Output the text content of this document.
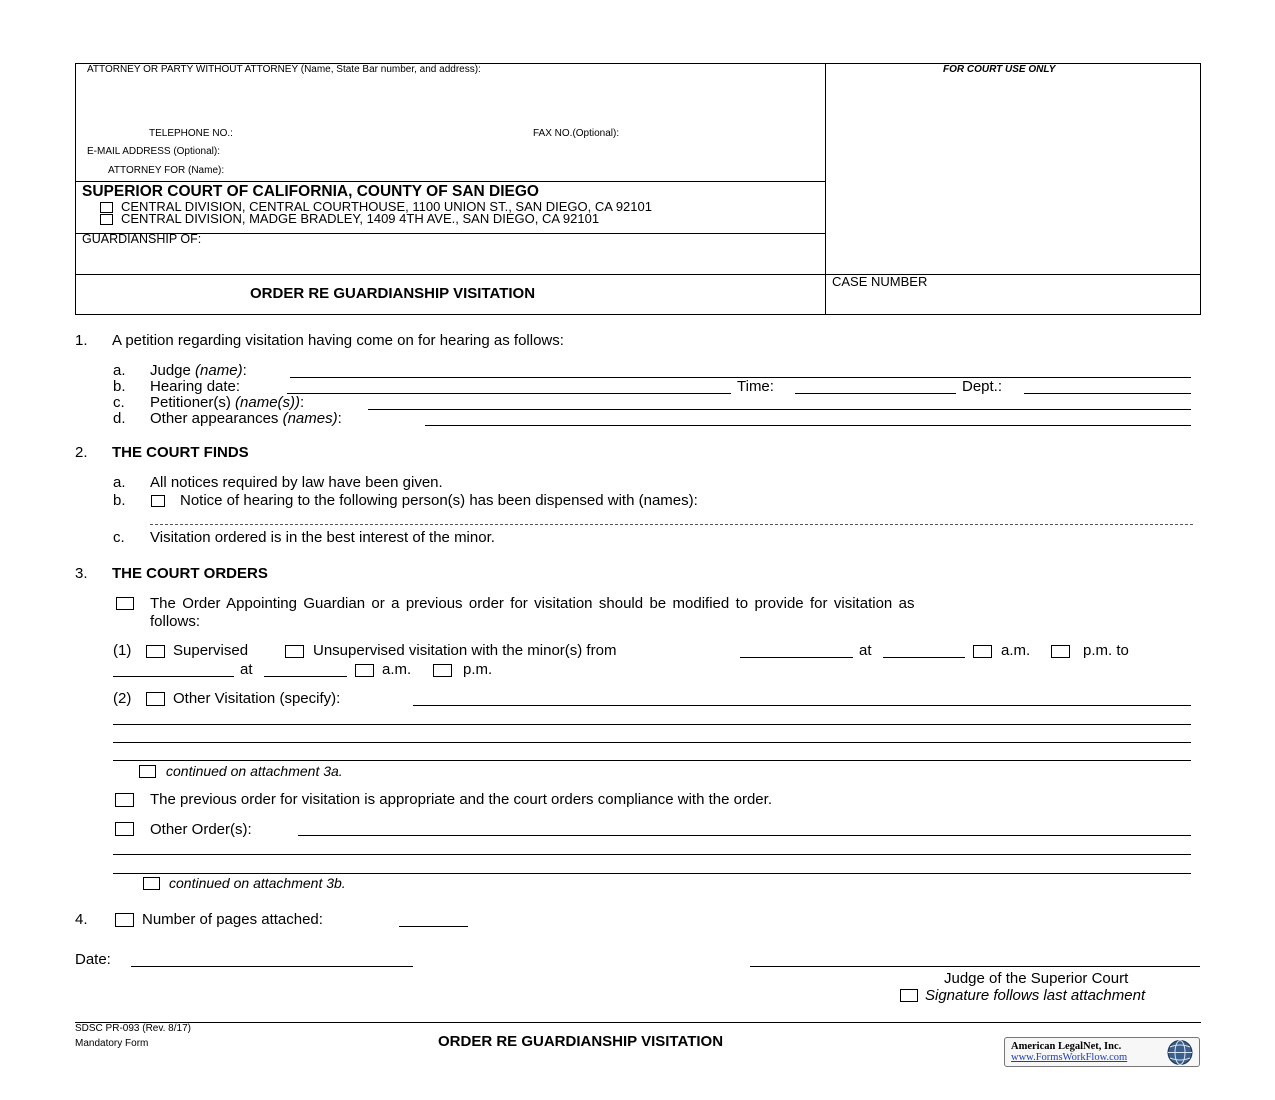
ATTORNEY OR PARTY WITHOUT ATTORNEY (Name, State Bar number, and address):	FOR COURT USE ONLY
TELEPHONE NO.:	FAX NO.(Optional):
E-MAIL ADDRESS (Optional):
ATTORNEY FOR (Name):
SUPERIOR COURT OF CALIFORNIA, COUNTY OF SAN DIEGO
CENTRAL DIVISION, CENTRAL COURTHOUSE, 1100 UNION ST., SAN DIEGO, CA 92101
CENTRAL DIVISION, MADGE BRADLEY, 1409 4TH AVE., SAN DIEGO, CA 92101
GUARDIANSHIP OF:
ORDER RE GUARDIANSHIP VISITATION
CASE NUMBER
1. A petition regarding visitation having come on for hearing as follows:
a. Judge (name):
b. Hearing date:	Time:	Dept.:
c. Petitioner(s) (name(s)):
d. Other appearances (names):
2. THE COURT FINDS
a. All notices required by law have been given.
b.	Notice of hearing to the following person(s) has been dispensed with (names):
c. Visitation ordered is in the best interest of the minor.
3. THE COURT ORDERS
The Order Appointing Guardian or a previous order for visitation should be modified to provide for visitation as
follows:
(1)	Supervised	Unsupervised visitation with the minor(s) from	at	a.m.	p.m. to
at	a.m.	p.m.
(2)	Other Visitation (specify):
continued on attachment 3a.
The previous order for visitation is appropriate and the court orders compliance with the order.
Other Order(s):
continued on attachment 3b.
4.	Number of pages attached:
Date:
Judge of the Superior Court
Signature follows last attachment
SDSC PR-093 (Rev. 8/17)
Mandatory Form	ORDER RE GUARDIANSHIP VISITATION	American LegalNet, Inc.
www.FormsWorkFlow.com
